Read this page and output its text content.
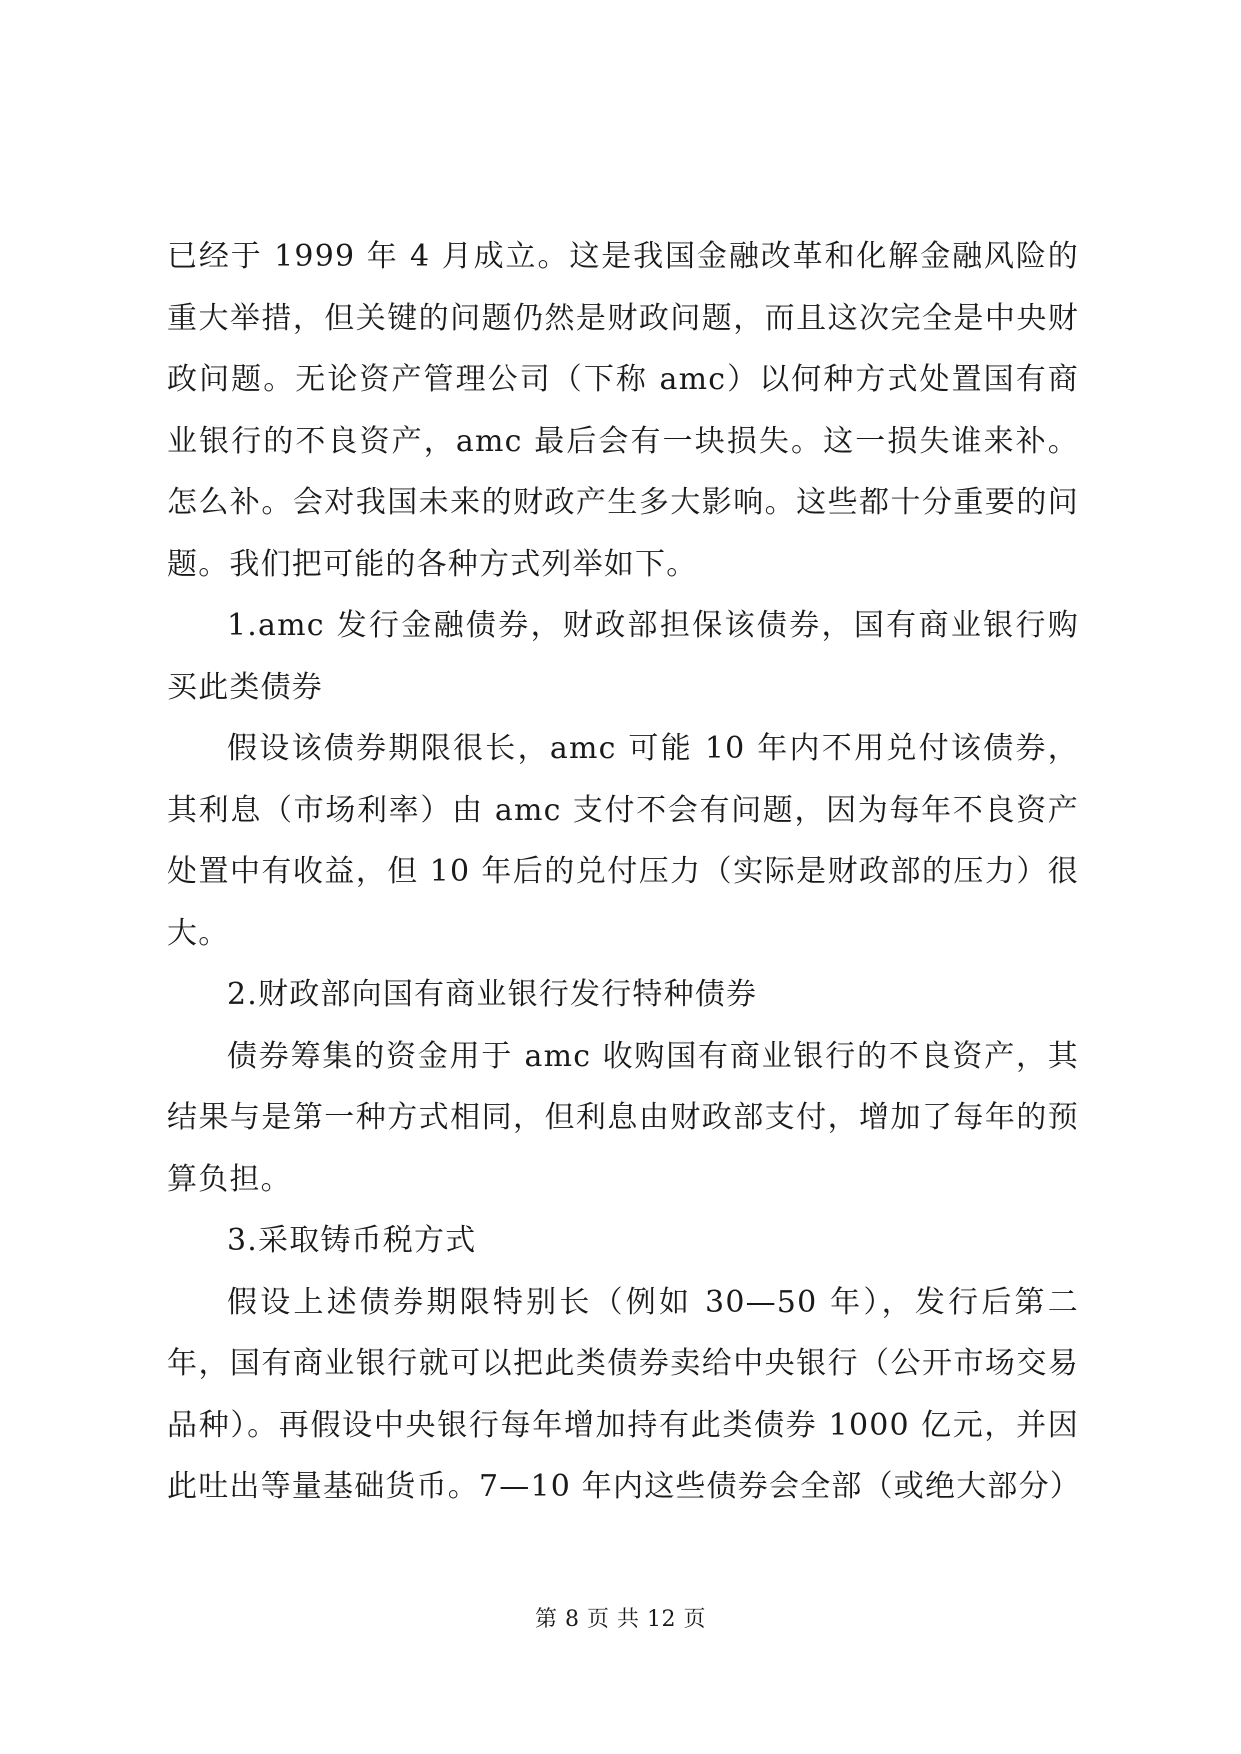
已经于 1999 年 4 月成立。这是我国金融改革和化解金融风险的重大举措，但关键的问题仍然是财政问题，而且这次完全是中央财政问题。无论资产管理公司（下称 amc）以何种方式处置国有商业银行的不良资产，amc 最后会有一块损失。这一损失谁来补。怎么补。会对我国未来的财政产生多大影响。这些都十分重要的问题。我们把可能的各种方式列举如下。

1.amc 发行金融债券，财政部担保该债券，国有商业银行购买此类债券

假设该债券期限很长，amc 可能 10 年内不用兑付该债券，其利息（市场利率）由 amc 支付不会有问题，因为每年不良资产处置中有收益，但 10 年后的兑付压力（实际是财政部的压力）很大。

2.财政部向国有商业银行发行特种债券

债券筹集的资金用于 amc 收购国有商业银行的不良资产，其结果与是第一种方式相同，但利息由财政部支付，增加了每年的预算负担。

3.采取铸币税方式

假设上述债券期限特别长（例如 30—50 年），发行后第二年，国有商业银行就可以把此类债券卖给中央银行（公开市场交易品种）。再假设中央银行每年增加持有此类债券 1000 亿元，并因此吐出等量基础货币。7—10 年内这些债券会全部（或绝大部分）

第 8 页 共 12 页
